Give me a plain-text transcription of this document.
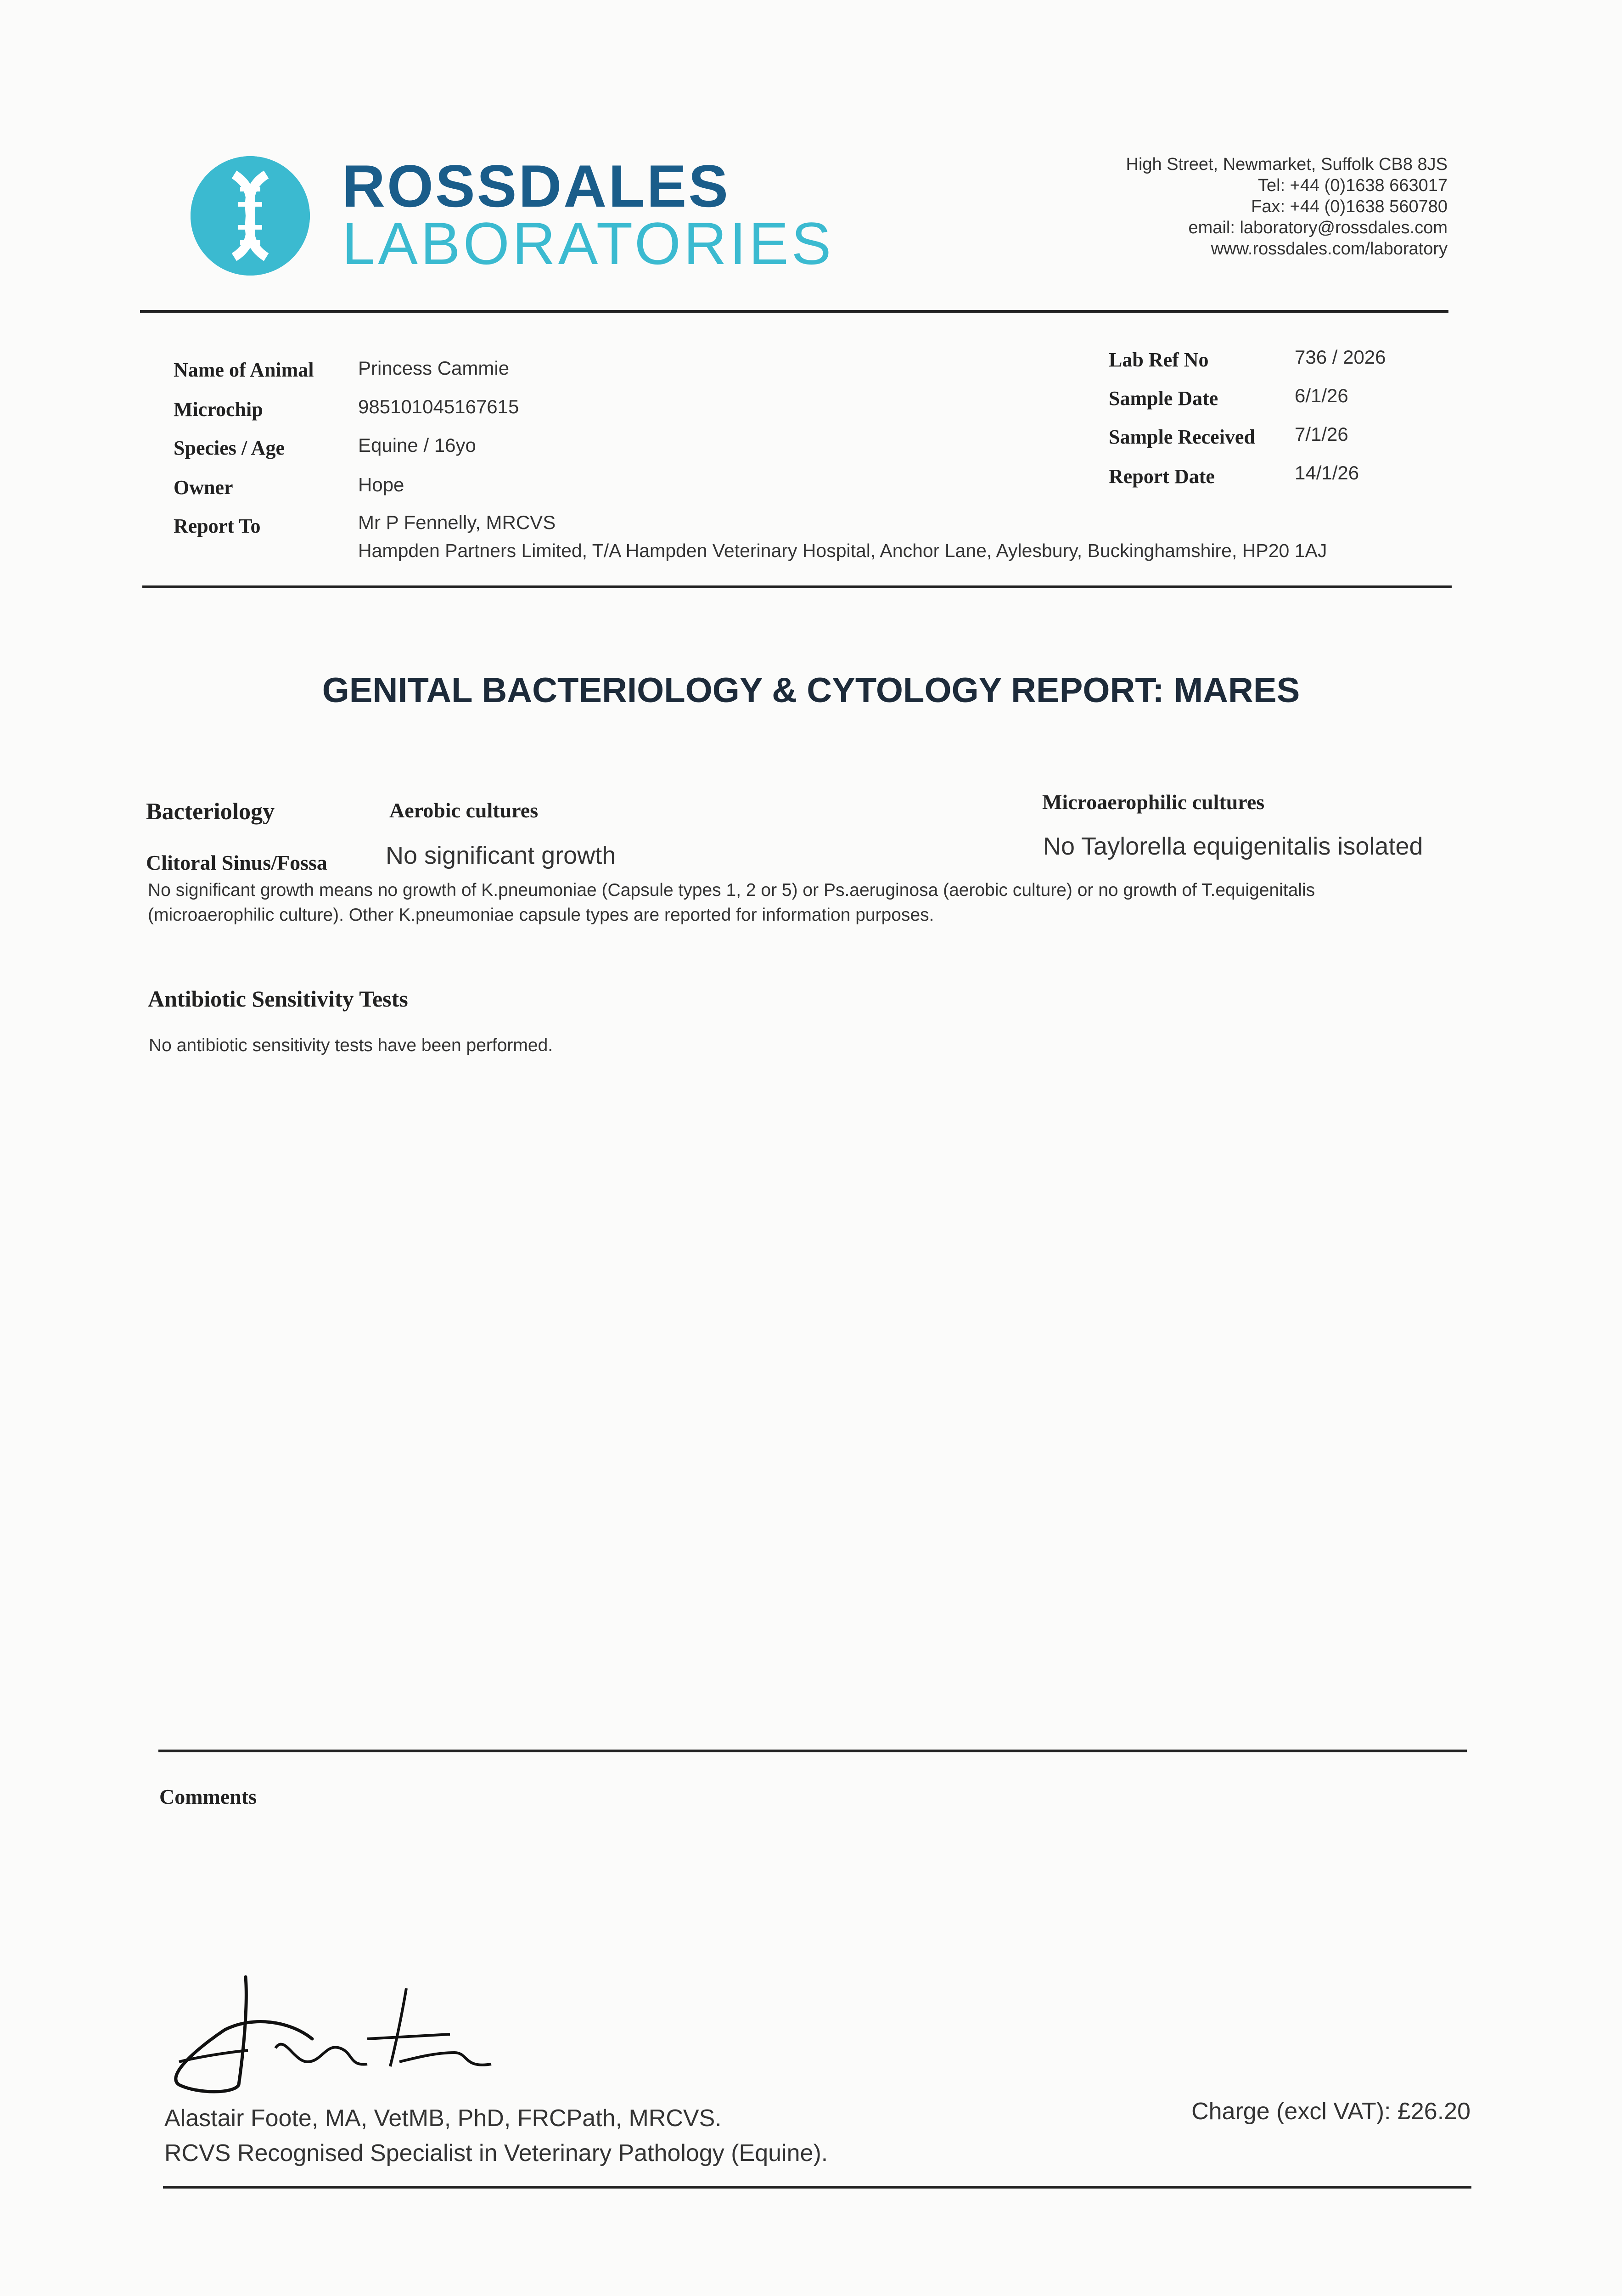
ROSSDALES
LABORATORIES
High Street, Newmarket, Suffolk CB8 8JS
Tel: +44 (0)1638 663017
Fax: +44 (0)1638 560780
email: laboratory@rossdales.com
www.rossdales.com/laboratory
Name of Animal Princess Cammie
Microchip	985101045167615
Species / Age	Equine / 16yo
Owner	Hope
Report To	Mr P Fennelly, MRCVS
Hampden Partners Limited, T/A Hampden Veterinary Hospital, Anchor Lane, Aylesbury, Buckinghamshire, HP20 1AJ
Lab Ref No	736 / 2026
Sample Date	6/1/26
Sample Received 7/1/26
Report Date	14/1/26
GENITAL BACTERIOLOGY & CYTOLOGY REPORT: MARES
Bacteriology	Aerobic cultures	Microaerophilic cultures
Clitoral Sinus/Fossa No significant growth	No Taylorella equigenitalis isolated
No significant growth means no growth of K.pneumoniae (Capsule types 1, 2 or 5) or Ps.aeruginosa (aerobic culture) or no growth of T.equigenitalis
(microaerophilic culture). Other K.pneumoniae capsule types are reported for information purposes.
Antibiotic Sensitivity Tests
No antibiotic sensitivity tests have been performed.
Comments
Alastair Foote, MA, VetMB, PhD, FRCPath, MRCVS.
RCVS Recognised Specialist in Veterinary Pathology (Equine).
Charge (excl VAT): £26.20
